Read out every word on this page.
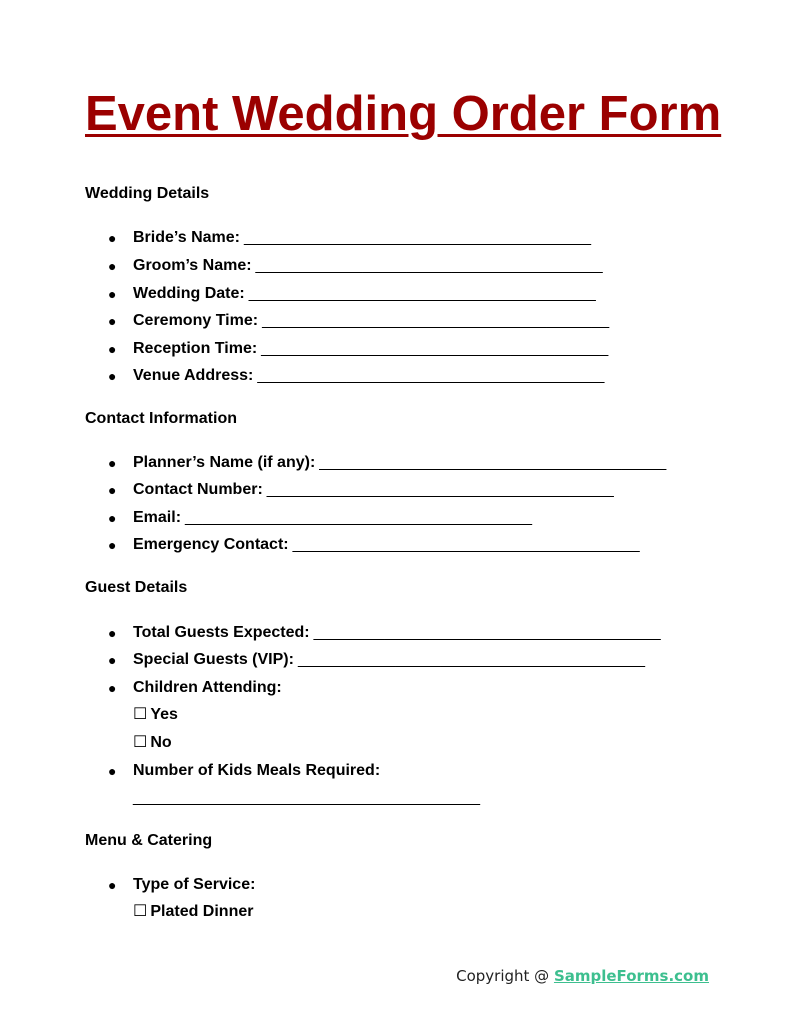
Event Wedding Order Form
Wedding Details
● Bride’s Name: _______________________________________
● Groom’s Name: _______________________________________
● Wedding Date: _______________________________________
● Ceremony Time: _______________________________________
● Reception Time: _______________________________________
● Venue Address: _______________________________________
Contact Information
● Planner’s Name (if any): _______________________________________
● Contact Number: _______________________________________
● Email: _______________________________________
● Emergency Contact: _______________________________________
Guest Details
● Total Guests Expected: _______________________________________
● Special Guests (VIP): _______________________________________
● Children Attending:
☐ Yes
☐ No
● Number of Kids Meals Required:
_______________________________________
Menu & Catering
● Type of Service:
☐ Plated Dinner
Copyright @ SampleForms.com
